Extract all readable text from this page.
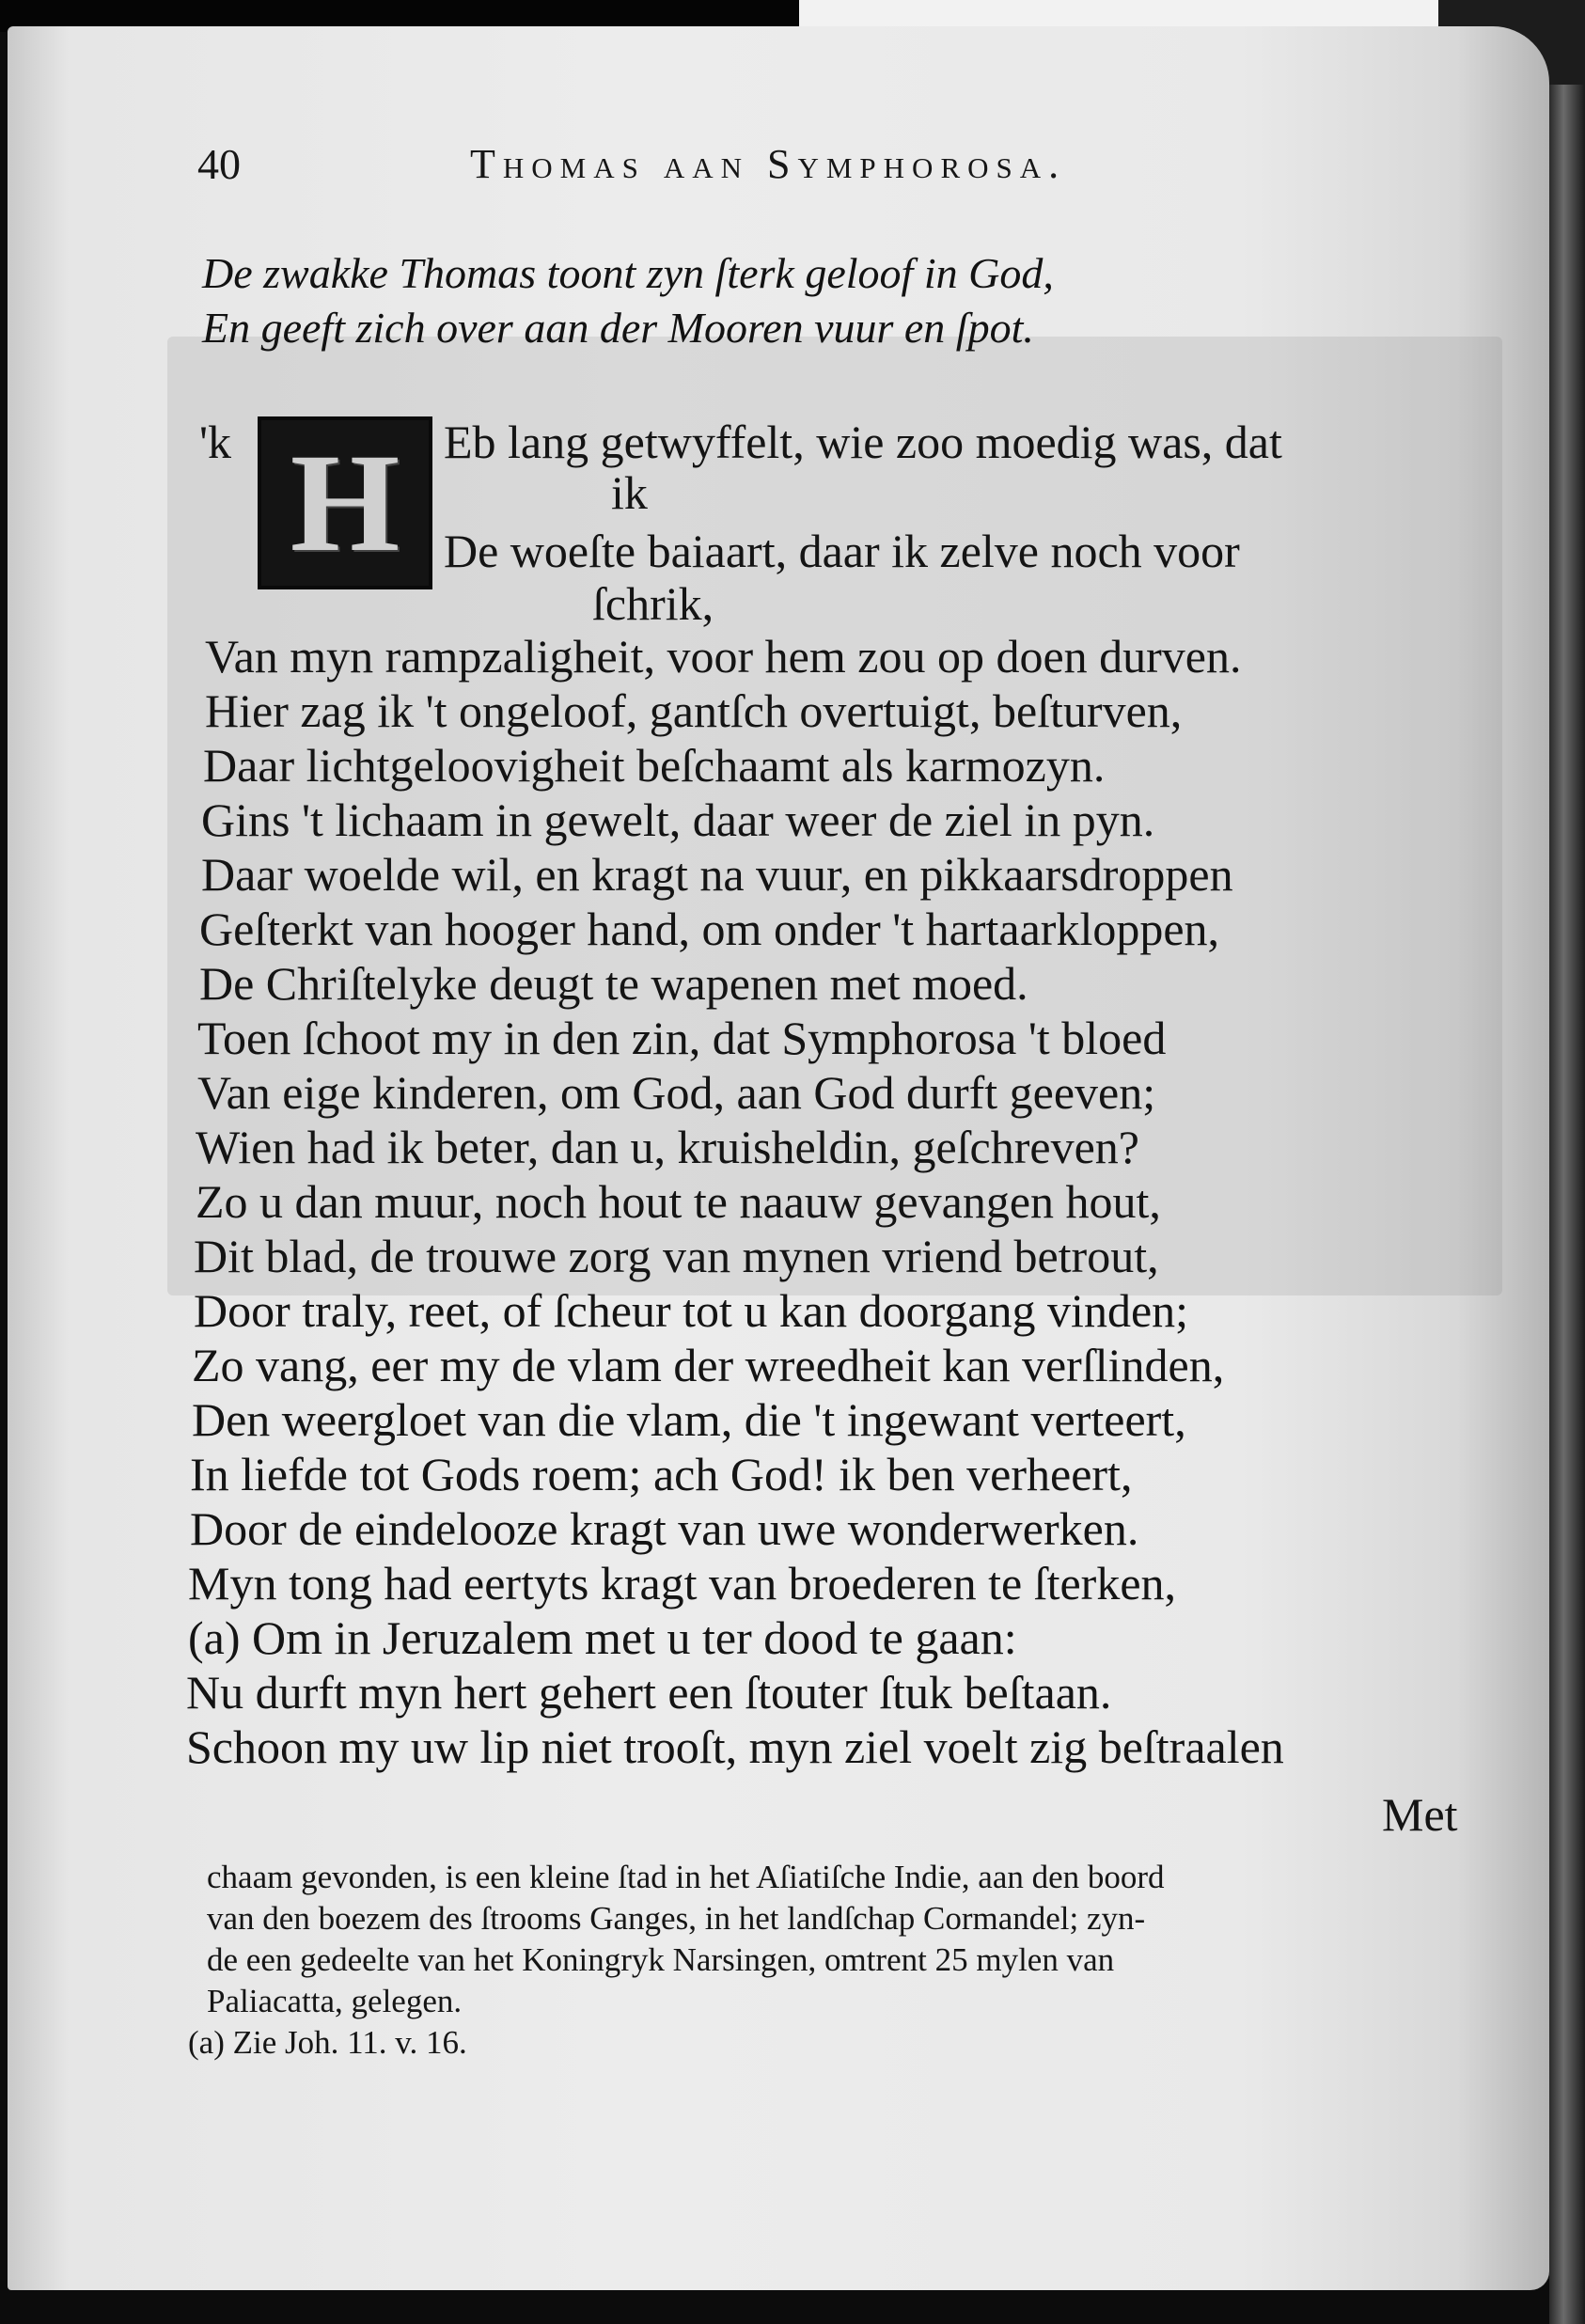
40	Thomas aan Symphorosa.
De zwakke Thomas toont zyn ſterk geloof in God,
En geeft zich over aan der Mooren vuur en ſpot.
'k H Eb lang getwyffelt, wie zoo moedig was, dat
ik
De woeſte baiaart, daar ik zelve noch voor
ſchrik,
Van myn rampzaligheit, voor hem zou op doen durven.
Hier zag ik 't ongeloof, gantſch overtuigt, beſturven,
Daar lichtgeloovigheit beſchaamt als karmozyn.
Gins 't lichaam in gewelt, daar weer de ziel in pyn.
Daar woelde wil, en kragt na vuur, en pikkaarsdroppen
Geſterkt van hooger hand, om onder 't hartaarkloppen,
De Chriſtelyke deugt te wapenen met moed.
Toen ſchoot my in den zin, dat Symphorosa 't bloed
Van eige kinderen, om God, aan God durft geeven;
Wien had ik beter, dan u, kruisheldin, geſchreven?
Zo u dan muur, noch hout te naauw gevangen hout,
Dit blad, de trouwe zorg van mynen vriend betrout,
Door traly, reet, of ſcheur tot u kan doorgang vinden;
Zo vang, eer my de vlam der wreedheit kan verſlinden,
Den weergloet van die vlam, die 't ingewant verteert,
In liefde tot Gods roem; ach God! ik ben verheert,
Door de eindelooze kragt van uwe wonderwerken.
Myn tong had eertyts kragt van broederen te ſterken,
(a) Om in Jeruzalem met u ter dood te gaan:
Nu durft myn hert gehert een ſtouter ſtuk beſtaan.
Schoon my uw lip niet trooſt, myn ziel voelt zig beſtraalen
Met
chaam gevonden, is een kleine ſtad in het Aſiatiſche Indie, aan den boord
van den boezem des ſtrooms Ganges, in het landſchap Cormandel; zyn-
de een gedeelte van het Koningryk Narsingen, omtrent 25 mylen van
Paliacatta, gelegen.
(a) Zie Joh. 11. v. 16.
